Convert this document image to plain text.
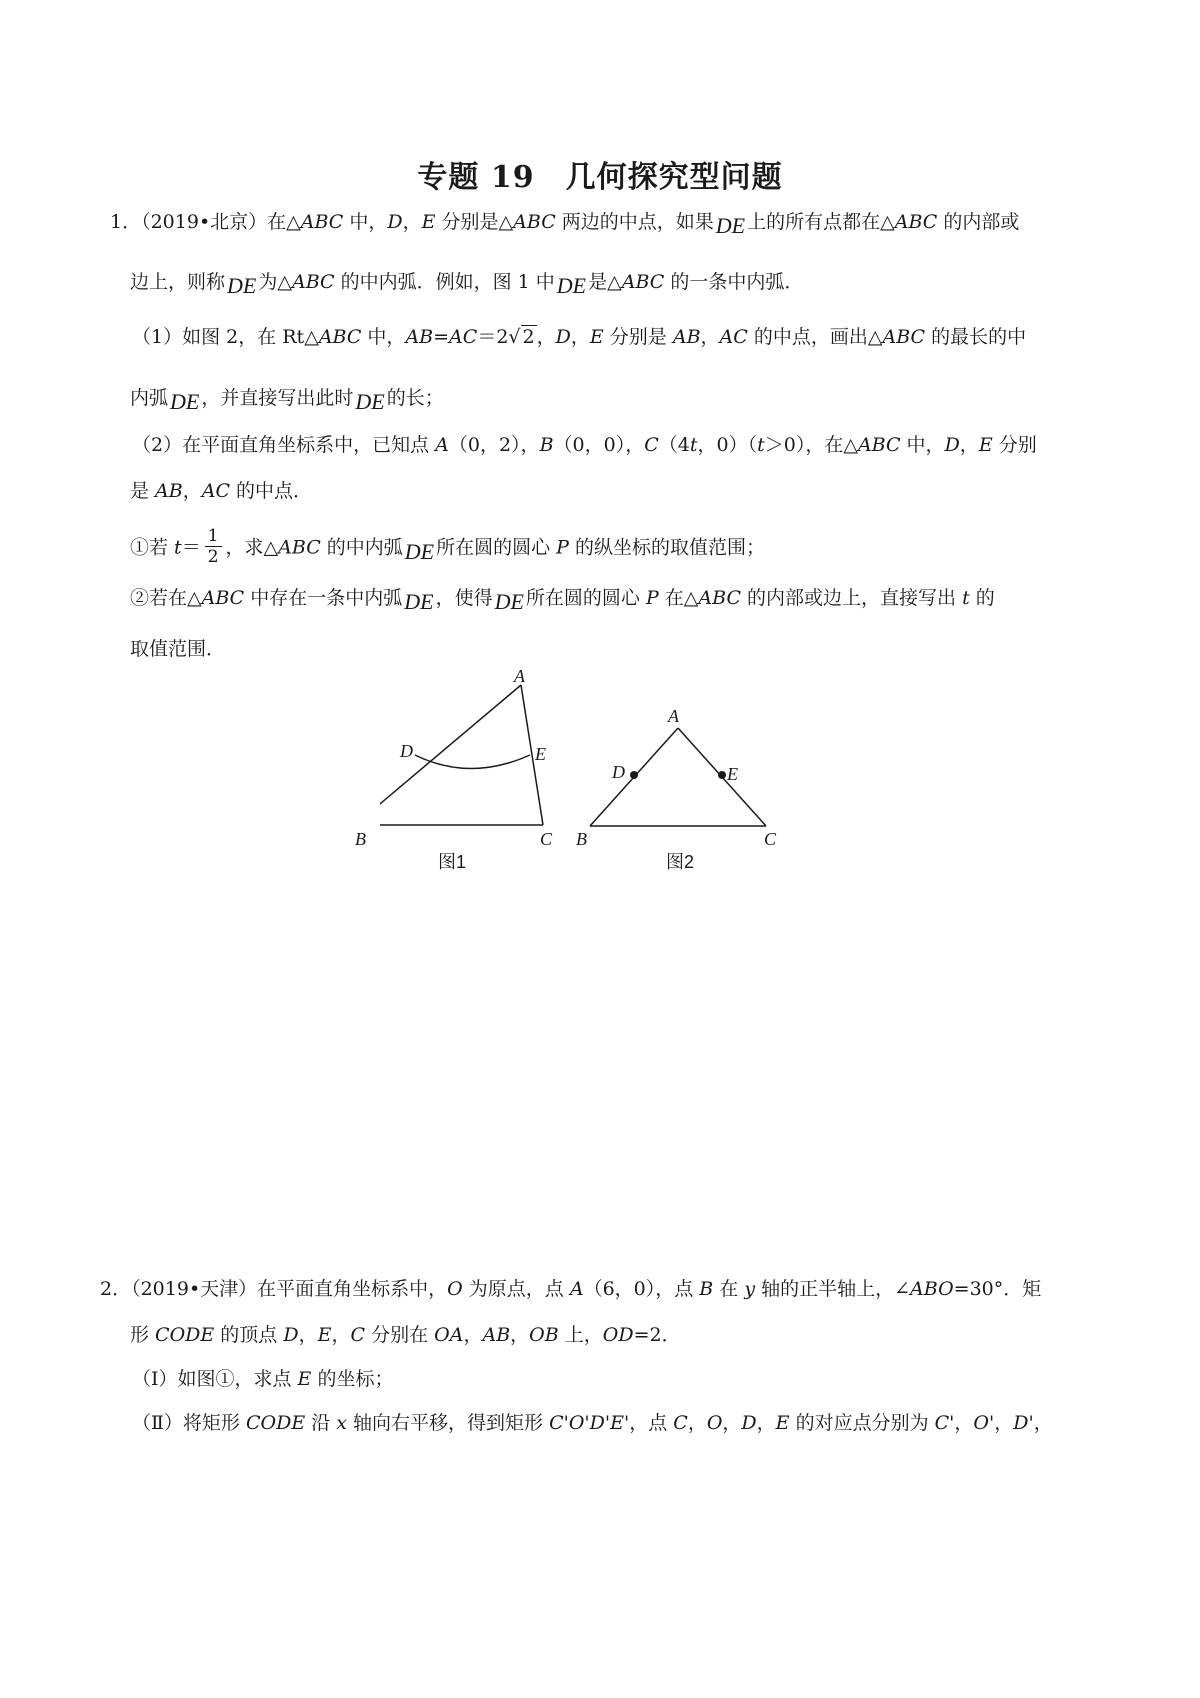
专题 19　几何探究型问题
1．（2019•北京）在△ABC 中，D，E 分别是△ABC 两边的中点，如果DE 上的所有点都在△ABC 的内部或
边上，则称DE 为△ABC 的中内弧．例如，图 1 中DE 是△ABC 的一条中内弧．
（1）如图 2，在 Rt△ABC 中，AB=AC＝2√ 2 ，D，E 分别是 AB，AC 的中点，画出△ABC 的最长的中
内弧DE ，并直接写出此时DE 的长；
（2）在平面直角坐标系中，已知点 A（0，2），B（0，0），C（4t，0）（t＞0），在△ABC 中，D，E 分别
是 AB，AC 的中点．
①若 $t= \frac{1}{2}$ ，求△ABC 的中内弧DE 所在圆的圆心 P 的纵坐标的取值范围；
②若在△ABC 中存在一条中内弧DE ，使得DE 所在圆的圆心 P 在△ABC 的内部或边上，直接写出 t 的
取值范围．
A
D	E
C
B
图1
A
D	E
B	C
图2
2．（2019•天津）在平面直角坐标系中，O 为原点，点 A（6，0），点 B 在 y 轴的正半轴上，∠ABO=30°．矩
形 CODE 的顶点 D，E，C 分别在 OA，AB，OB 上，OD=2．
（Ⅰ）如图①，求点 E 的坐标；
（Ⅱ）将矩形 CODE 沿 x 轴向右平移，得到矩形 C'O'D'E'，点 C，O，D，E 的对应点分别为 C'，O'，D'，
